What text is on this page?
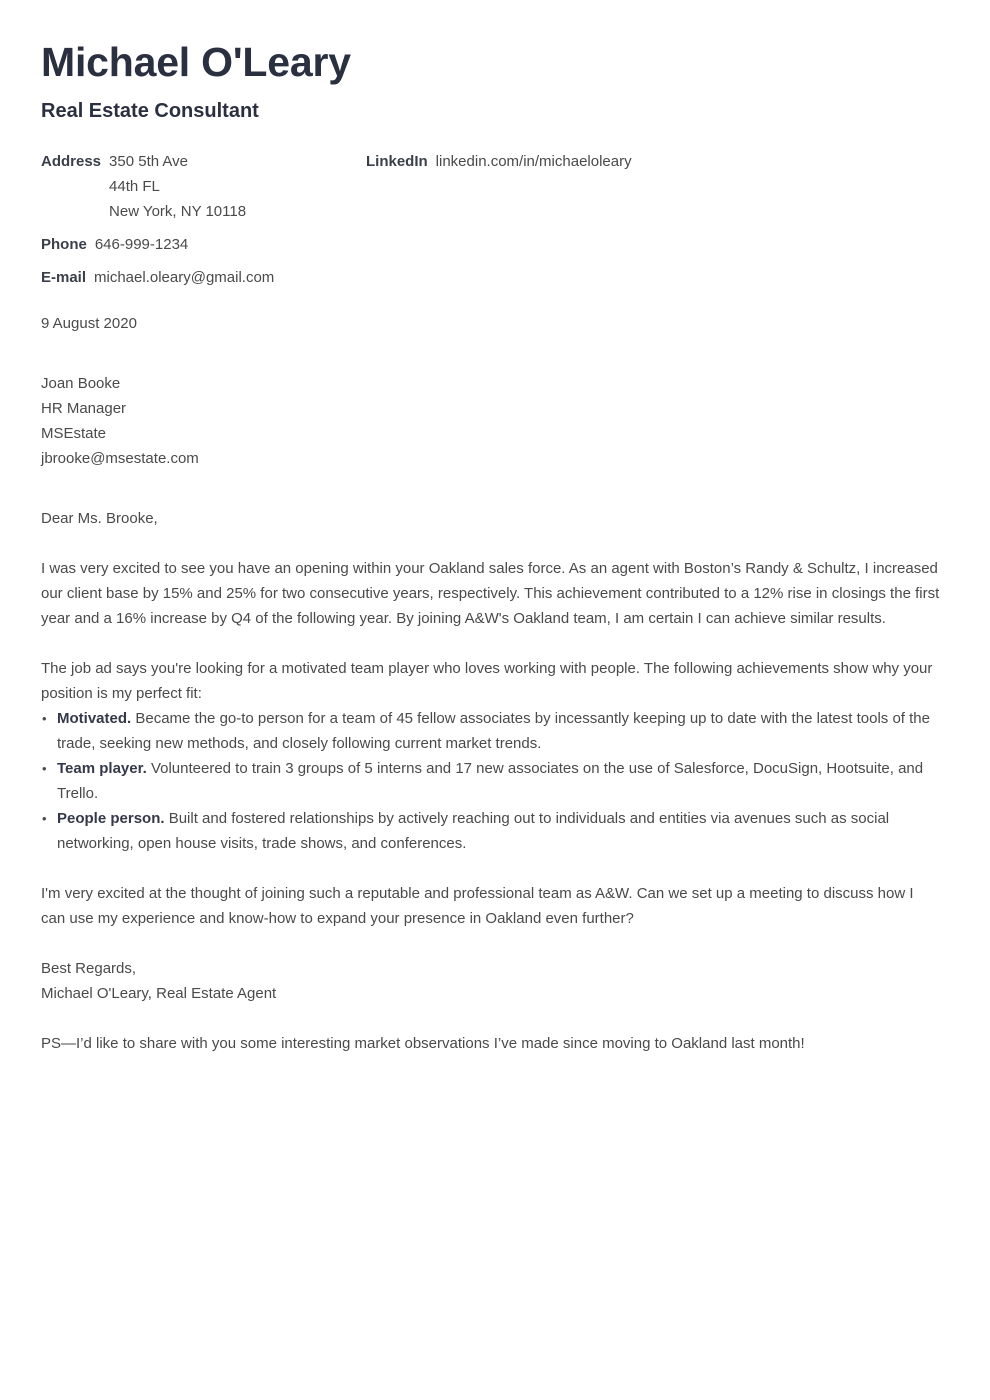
Michael O'Leary
Real Estate Consultant
Address 350 5th Ave
44th FL
New York, NY 10118
Phone 646-999-1234
E-mail michael.oleary@gmail.com
LinkedIn linkedin.com/in/michaeloleary
9 August 2020
Joan Booke
HR Manager
MSEstate
jbrooke@msestate.com
Dear Ms. Brooke,

I was very excited to see you have an opening within your Oakland sales force. As an agent with Boston’s Randy & Schultz, I increased our client base by 15% and 25% for two consecutive years, respectively. This achievement contributed to a 12% rise in closings the first year and a 16% increase by Q4 of the following year. By joining A&W's Oakland team, I am certain I can achieve similar results.

The job ad says you're looking for a motivated team player who loves working with people. The following achievements show why your position is my perfect fit:

• Motivated. Became the go-to person for a team of 45 fellow associates by incessantly keeping up to date with the latest tools of the trade, seeking new methods, and closely following current market trends.
• Team player. Volunteered to train 3 groups of 5 interns and 17 new associates on the use of Salesforce, DocuSign, Hootsuite, and Trello.
• People person. Built and fostered relationships by actively reaching out to individuals and entities via avenues such as social networking, open house visits, trade shows, and conferences.

I'm very excited at the thought of joining such a reputable and professional team as A&W. Can we set up a meeting to discuss how I can use my experience and know-how to expand your presence in Oakland even further?

Best Regards,
Michael O'Leary, Real Estate Agent
PS—I’d like to share with you some interesting market observations I’ve made since moving to Oakland last month!
